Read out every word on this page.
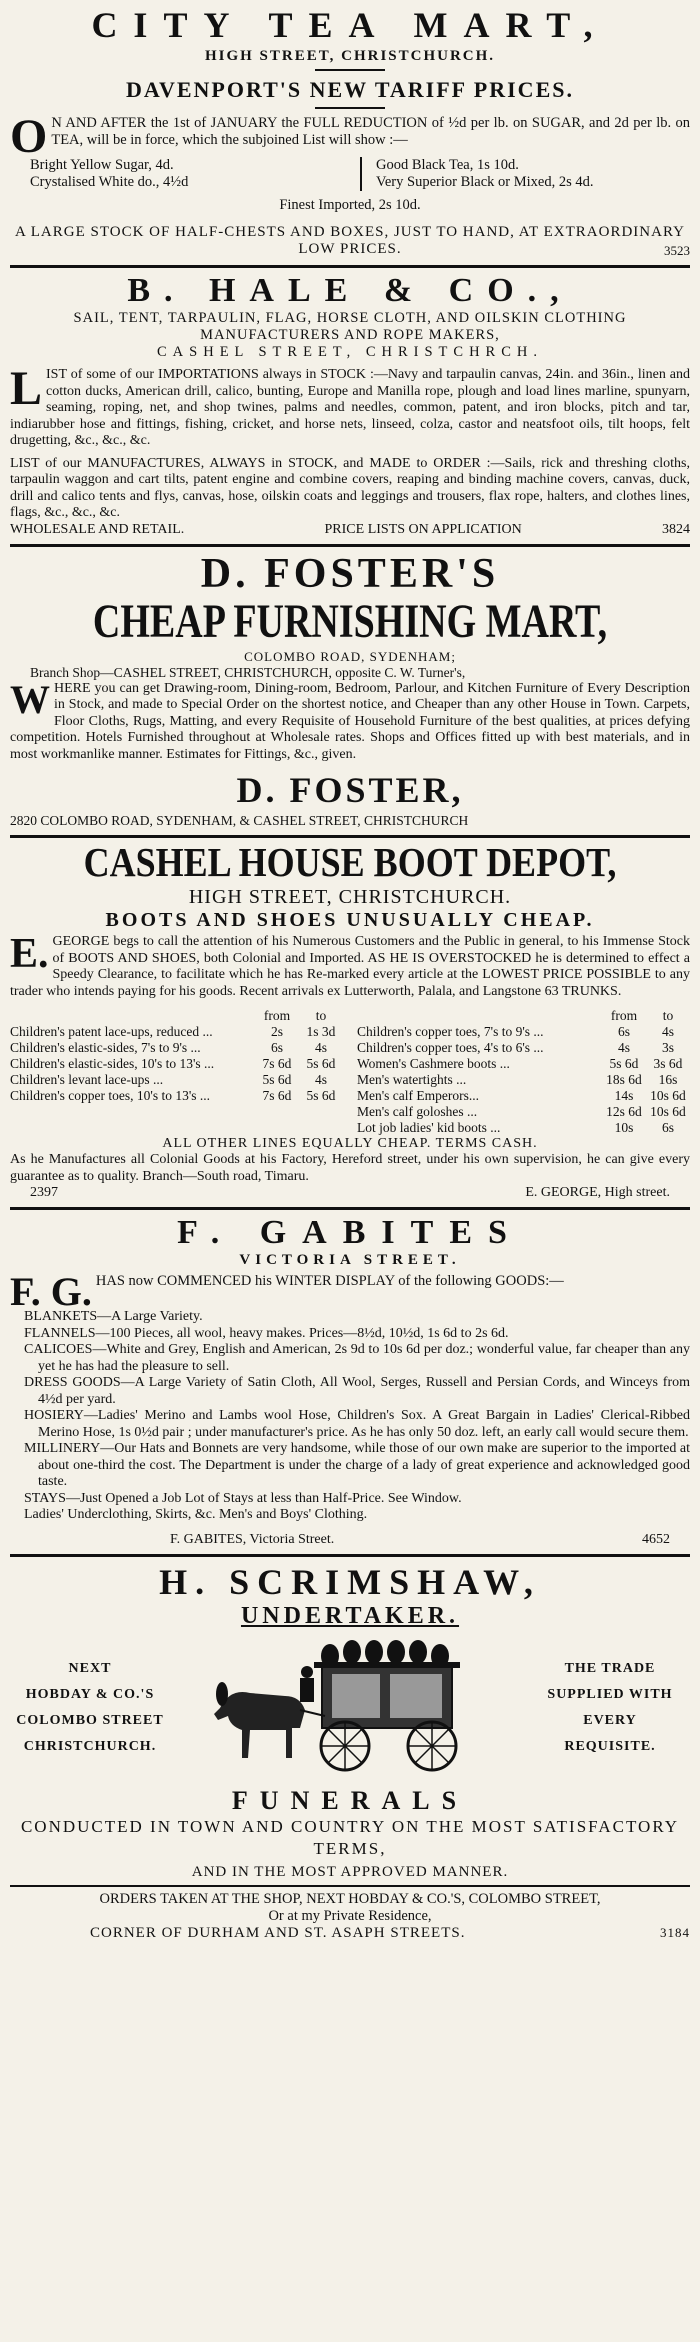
CITY TEA MART,
HIGH STREET, CHRISTCHURCH.
DAVENPORT'S NEW TARIFF PRICES.
O N AND AFTER the 1st of JANUARY the FULL REDUCTION of ½d per lb. on SUGAR, and 2d per lb. on TEA, will be in force, which the subjoined List will show :—

Bright Yellow Sugar, 4d.
Crystalised White do., 4½d
Good Black Tea, 1s 10d.
Very Superior Black or Mixed, 2s 4d.
Finest Imported, 2s 10d.
A LARGE STOCK OF HALF-CHESTS AND BOXES, JUST TO HAND, AT EXTRAORDINARY LOW PRICES.	3523
B. HALE & CO.,
SAIL, TENT, TARPAULIN, FLAG, HORSE CLOTH, AND OILSKIN CLOTHING
MANUFACTURERS AND ROPE MAKERS,
CASHEL STREET, CHRISTCHRCH.
L IST of some of our IMPORTATIONS always in STOCK :—Navy and tarpaulin canvas, 24in. and 36in., linen and cotton ducks, American drill, calico, bunting, Europe and Manilla rope, plough and load lines marline, spunyarn, seaming, roping, net, and shop twines, palms and needles, common, patent, and iron blocks, pitch and tar, indiarubber hose and fittings, fishing, cricket, and horse nets, linseed, colza, castor and neatsfoot oils, tilt hoops, felt drugetting, &c., &c., &c.

LIST of our MANUFACTURES, ALWAYS in STOCK, and MADE to ORDER :—Sails, rick and threshing cloths, tarpaulin waggon and cart tilts, patent engine and combine covers, reaping and binding machine covers, canvas, duck, drill and calico tents and flys, canvas, hose, oilskin coats and leggings and trousers, flax rope, halters, and clothes lines, flags, &c., &c., &c.

WHOLESALE AND RETAIL.	PRICE LISTS ON APPLICATION	3824
D. FOSTER'S
CHEAP FURNISHING MART,
COLOMBO ROAD, SYDENHAM;
Branch Shop—CASHEL STREET, CHRISTCHURCH, opposite C. W. Turner's,
W HERE you can get Drawing-room, Dining-room, Bedroom, Parlour, and Kitchen Furniture of Every Description in Stock, and made to Special Order on the shortest notice, and Cheaper than any other House in Town. Carpets, Floor Cloths, Rugs, Matting, and every Requisite of Household Furniture of the best qualities, at prices defying competition. Hotels Furnished throughout at Wholesale rates. Shops and Offices fitted up with best materials, and in most workmanlike manner. Estimates for Fittings, &c., given.

D. FOSTER,
2820 COLOMBO ROAD, SYDENHAM, & CASHEL STREET, CHRISTCHURCH
CASHEL HOUSE BOOT DEPOT,
HIGH STREET, CHRISTCHURCH.
BOOTS AND SHOES UNUSUALLY CHEAP.
E. GEORGE begs to call the attention of his Numerous Customers and the Public in general, to his Immense Stock of BOOTS AND SHOES, both Colonial and Imported. AS HE IS OVERSTOCKED he is determined to effect a Speedy Clearance, to facilitate which he has Re-marked every article at the LOWEST PRICE POSSIBLE to any trader who intends paying for his goods. Recent arrivals ex Lutterworth, Palala, and Langstone 63 TRUNKS.

from	to
Children's patent lace-ups, reduced ...	2s	1s 3d
Children's elastic-sides, 7's to 9's ...	6s	4s
Children's elastic-sides, 10's to 13's ...	7s 6d	5s 6d
Children's levant lace-ups ...	5s 6d	4s
Children's copper toes, 10's to 13's ...	7s 6d	5s 6d
from	to
Children's copper toes, 7's to 9's ...	6s	4s
Children's copper toes, 4's to 6's ...	4s	3s
Women's Cashmere boots ...	5s 6d	3s 6d
Men's watertights ...	18s 6d	16s
Men's calf Emperors...	14s	10s 6d
Men's calf goloshes ...	12s 6d 10s 6d
Lot job ladies' kid boots ...	10s	6s
ALL OTHER LINES EQUALLY CHEAP. TERMS CASH.

As he Manufactures all Colonial Goods at his Factory, Hereford street, under his own supervision, he can give every guarantee as to quality. Branch—South road, Timaru.

2397	E. GEORGE, High street.
F. GABITES
VICTORIA STREET.
F. G. HAS now COMMENCED his WINTER DISPLAY of the following GOODS:—

BLANKETS—A Large Variety.

FLANNELS—100 Pieces, all wool, heavy makes. Prices—8½d, 10½d, 1s 6d to 2s 6d.

CALICOES—White and Grey, English and American, 2s 9d to 10s 6d per doz.; wonderful value, far cheaper than any yet he has had the pleasure to sell.

DRESS GOODS—A Large Variety of Satin Cloth, All Wool, Serges, Russell and Persian Cords, and Winceys from 4½d per yard.

HOSIERY—Ladies' Merino and Lambs wool Hose, Children's Sox. A Great Bargain in Ladies' Clerical-Ribbed Merino Hose, 1s 0½d pair ; under manufacturer's price. As he has only 50 doz. left, an early call would secure them.

MILLINERY—Our Hats and Bonnets are very handsome, while those of our own make are superior to the imported at about one-third the cost. The Department is under the charge of a lady of great experience and acknowledged good taste.

STAYS—Just Opened a Job Lot of Stays at less than Half-Price. See Window.

Ladies' Underclothing, Skirts, &c. Men's and Boys' Clothing.

F. GABITES, Victoria Street.	4652
H. SCRIMSHAW,
UNDERTAKER.
NEXT
HOBDAY & CO.'S
COLOMBO STREET
CHRISTCHURCH.
THE TRADE
SUPPLIED WITH
EVERY
REQUISITE.
FUNERALS
CONDUCTED IN TOWN AND COUNTRY ON THE MOST SATISFACTORY TERMS,
AND IN THE MOST APPROVED MANNER.
ORDERS TAKEN AT THE SHOP, NEXT HOBDAY & CO.'S, COLOMBO STREET,
Or at my Private Residence,
CORNER OF DURHAM AND ST. ASAPH STREETS.	3184
